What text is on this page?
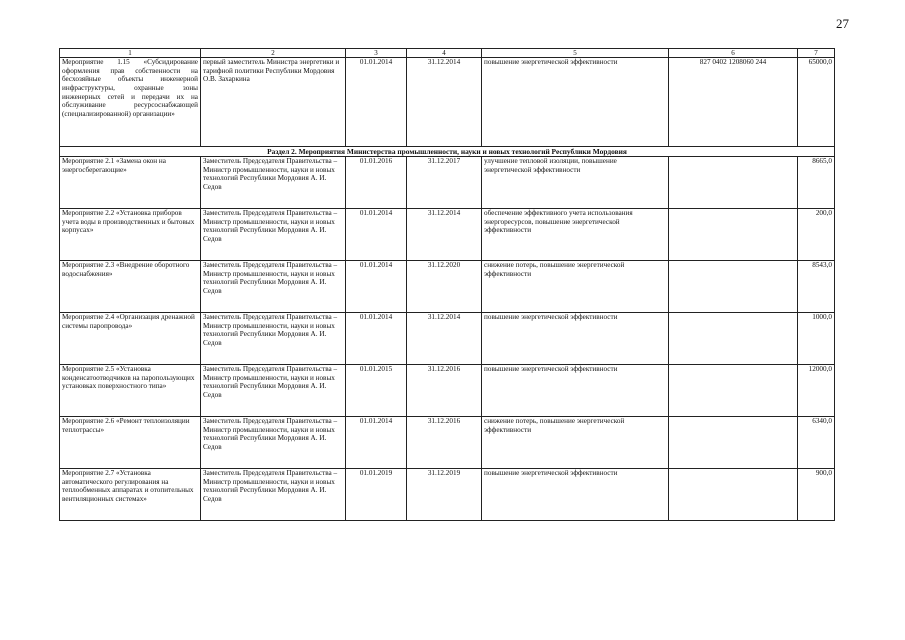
27
1	2	3	4	5	6	7
Мероприятие 1.15 «Субсидирование оформления прав собственности на бесхозяйные объекты инженерной инфраструктуры, охранные зоны инженерных сетей и передачи их на обслуживание ресурсоснабжающей (специализированной) организации»	первый заместитель Министра энергетики и тарифной политики Республики Мордовия О.В. Захаркина	01.01.2014	31.12.2014	повышение энергетической эффективности	827 0402 1208060 244	65000,0
Раздел 2. Мероприятия Министерства промышленности, науки и новых технологий Республики Мордовия						
Мероприятие 2.1 «Замена окон на энергосберегающие»	Заместитель Председателя Правительства – Министр промышленности, науки и новых технологий Республики Мордовия А. И. Седов	01.01.2016	31.12.2017	улучшение тепловой изоляции, повышение энергетической эффективности		8665,0
Мероприятие 2.2 «Установка приборов учета воды в производственных и бытовых корпусах»	Заместитель Председателя Правительства – Министр промышленности, науки и новых технологий Республики Мордовия А. И. Седов	01.01.2014	31.12.2014	обеспечение эффективного учета использования энергоресурсов, повышение энергетической эффективности		200,0
Мероприятие 2.3 «Внедрение оборотного водоснабжения»	Заместитель Председателя Правительства – Министр промышленности, науки и новых технологий Республики Мордовия А. И. Седов	01.01.2014	31.12.2020	снижение потерь, повышение энергетической эффективности		8543,0
Мероприятие 2.4 «Организация дренажной системы паропровода»	Заместитель Председателя Правительства – Министр промышленности, науки и новых технологий Республики Мордовия А. И. Седов	01.01.2014	31.12.2014	повышение энергетической эффективности		1000,0
Мероприятие 2.5 «Установка конденсатоотводчиков на паропользующих установках поверхностного типа»	Заместитель Председателя Правительства – Министр промышленности, науки и новых технологий Республики Мордовия А. И. Седов	01.01.2015	31.12.2016	повышение энергетической эффективности		12000,0
Мероприятие 2.6 «Ремонт теплоизоляции теплотрассы»	Заместитель Председателя Правительства – Министр промышленности, науки и новых технологий Республики Мордовия А. И. Седов	01.01.2014	31.12.2016	снижение потерь, повышение энергетической эффективности		6340,0
Мероприятие 2.7 «Установка автоматического регулирования на теплообменных аппаратах и отопительных вентиляционных системах»	Заместитель Председателя Правительства – Министр промышленности, науки и новых технологий Республики Мордовия А. И. Седов	01.01.2019	31.12.2019	повышение энергетической эффективности		900,0
